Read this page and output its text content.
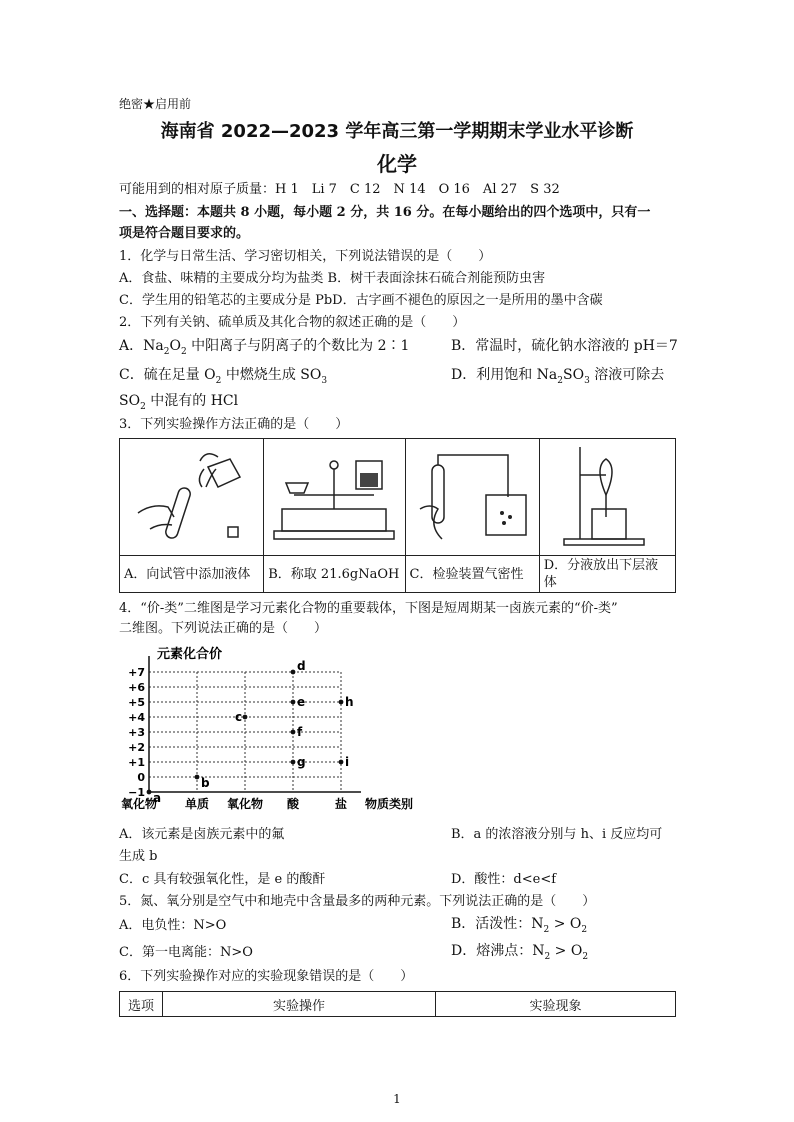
绝密★启用前
海南省 2022—2023 学年高三第一学期期末学业水平诊断
化学
可能用到的相对原子质量：H 1　Li 7　C 12　N 14　O 16　Al 27　S 32
一、选择题：本题共 8 小题，每小题 2 分，共 16 分。在每小题给出的四个选项中，只有一
项是符合题目要求的。
1．化学与日常生活、学习密切相关，下列说法错误的是（　　）
A．食盐、味精的主要成分均为盐类 B．树干表面涂抹石硫合剂能预防虫害
C．学生用的铅笔芯的主要成分是 PbD．古字画不褪色的原因之一是所用的墨中含碳
2．下列有关钠、硫单质及其化合物的叙述正确的是（　　）
A．$Na_2O_2$ 中阳离子与阴离子的个数比为 2∶1	B．常温时，硫化钠水溶液的 pH＝7
C．硫在足量 $O_2$ 中燃烧生成 $SO_3$	D．利用饱和 $Na_2SO_3$ 溶液可除去
$SO_2$ 中混有的 HCl
3．下列实验操作方法正确的是（　　）

A．向试管中添加液体	B．称取 21.6gNaOH	C．检验装置气密性	D．分液放出下层液体
4．“价-类”二维图是学习元素化合物的重要载体，下图是短周期某一卤族元素的“价-类”
二维图。下列说法正确的是（　　）
元素化合价
物质类别
−1
0
+1
+2
+3
+4
+5
+6
+7
氧化物 单质 氧化物 酸	盐
a
b
c
d
e
f
g
h
i
A．该元素是卤族元素中的氟	B．a 的浓溶液分别与 h、i 反应均可
生成 b
C．c 具有较强氧化性，是 e 的酸酐	D．酸性：d<e<f
5．氮、氧分别是空气中和地壳中含量最多的两种元素。下列说法正确的是（　　）
A．电负性：N>O	B．活泼性：$N_2 > O_2$
C．第一电离能：N>O	D．熔沸点：$N_2 > O_2$
6．下列实验操作对应的实验现象错误的是（　　）
选项	实验操作	实验现象
1
